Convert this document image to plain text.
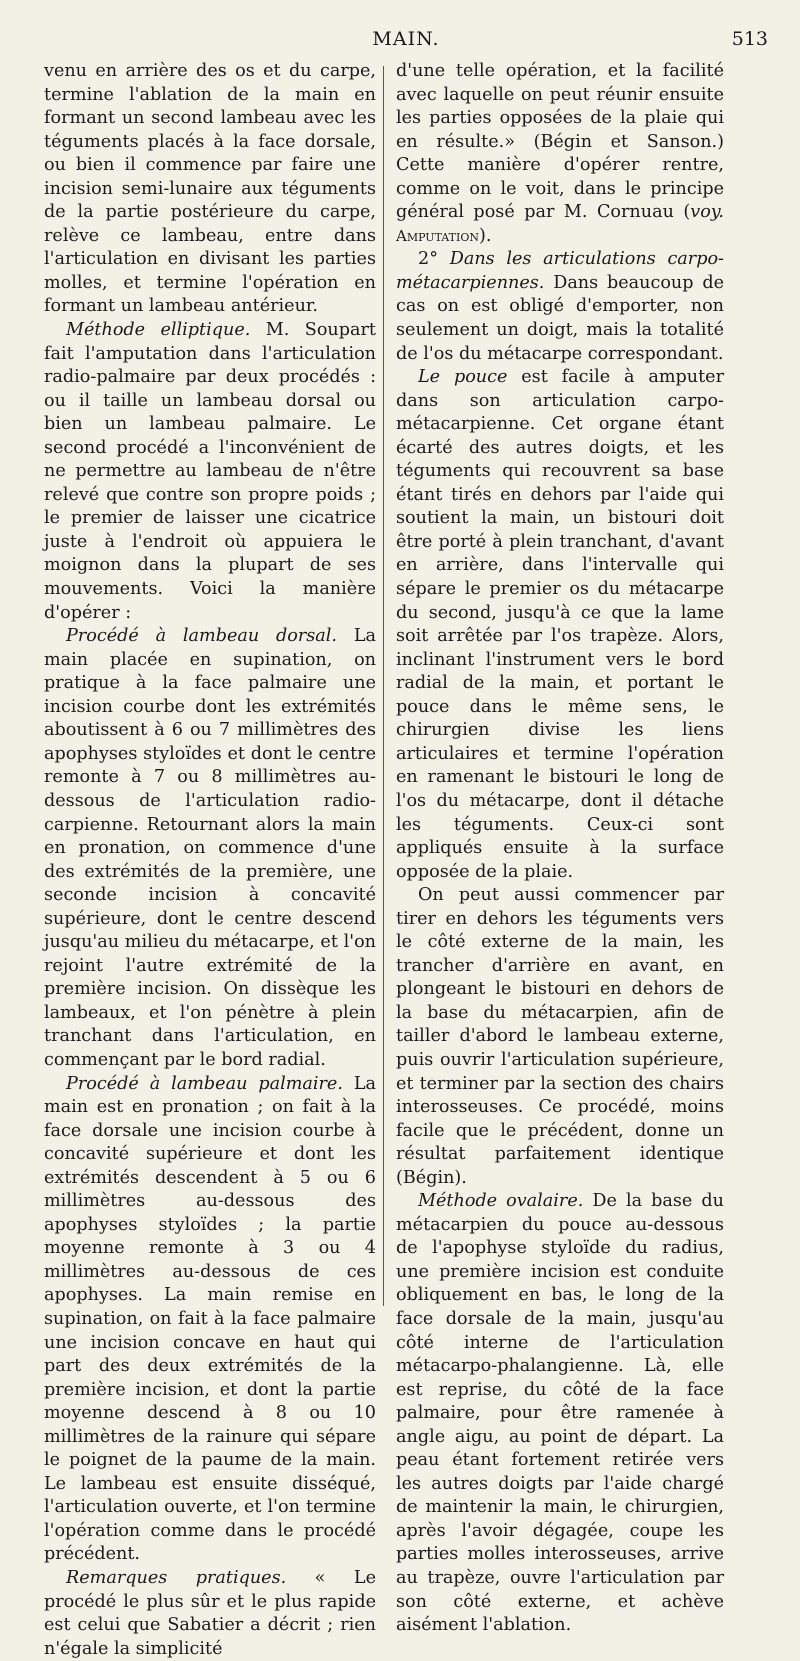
MAIN.	513

venu en arrière des os et du carpe, termine l'ablation de la main en formant un second lambeau avec les téguments placés à la face dorsale, ou bien il commence par faire une incision semi-lunaire aux téguments de la partie postérieure du carpe, relève ce lambeau, entre dans l'articulation en divisant les parties molles, et termine l'opération en formant un lambeau antérieur.

Méthode elliptique. M. Soupart fait l'amputation dans l'articulation radio-palmaire par deux procédés : ou il taille un lambeau dorsal ou bien un lambeau palmaire. Le second procédé a l'inconvénient de ne permettre au lambeau de n'être relevé que contre son propre poids ; le premier de laisser une cicatrice juste à l'endroit où appuiera le moignon dans la plupart de ses mouvements. Voici la manière d'opérer :

Procédé à lambeau dorsal. La main placée en supination, on pratique à la face palmaire une incision courbe dont les extrémités aboutissent à 6 ou 7 millimètres des apophyses styloïdes et dont le centre remonte à 7 ou 8 millimètres au-dessous de l'articulation radio-carpienne. Retournant alors la main en pronation, on commence d'une des extrémités de la première, une seconde incision à concavité supérieure, dont le centre descend jusqu'au milieu du métacarpe, et l'on rejoint l'autre extrémité de la première incision. On dissèque les lambeaux, et l'on pénètre à plein tranchant dans l'articulation, en commençant par le bord radial.

Procédé à lambeau palmaire. La main est en pronation ; on fait à la face dorsale une incision courbe à concavité supérieure et dont les extrémités descendent à 5 ou 6 millimètres au-dessous des apophyses styloïdes ; la partie moyenne remonte à 3 ou 4 millimètres au-dessous de ces apophyses. La main remise en supination, on fait à la face palmaire une incision concave en haut qui part des deux extrémités de la première incision, et dont la partie moyenne descend à 8 ou 10 millimètres de la rainure qui sépare le poignet de la paume de la main. Le lambeau est ensuite disséqué, l'articulation ouverte, et l'on termine l'opération comme dans le procédé précédent.

Remarques pratiques. « Le procédé le plus sûr et le plus rapide est celui que Sabatier a décrit ; rien n'égale la simplicité

d'une telle opération, et la facilité avec laquelle on peut réunir ensuite les parties opposées de la plaie qui en résulte.» (Bégin et Sanson.) Cette manière d'opérer rentre, comme on le voit, dans le principe général posé par M. Cornuau (voy. Amputation).

2° Dans les articulations carpo-métacarpiennes. Dans beaucoup de cas on est obligé d'emporter, non seulement un doigt, mais la totalité de l'os du métacarpe correspondant.

Le pouce est facile à amputer dans son articulation carpo-métacarpienne. Cet organe étant écarté des autres doigts, et les téguments qui recouvrent sa base étant tirés en dehors par l'aide qui soutient la main, un bistouri doit être porté à plein tranchant, d'avant en arrière, dans l'intervalle qui sépare le premier os du métacarpe du second, jusqu'à ce que la lame soit arrêtée par l'os trapèze. Alors, inclinant l'instrument vers le bord radial de la main, et portant le pouce dans le même sens, le chirurgien divise les liens articulaires et termine l'opération en ramenant le bistouri le long de l'os du métacarpe, dont il détache les téguments. Ceux-ci sont appliqués ensuite à la surface opposée de la plaie.

On peut aussi commencer par tirer en dehors les téguments vers le côté externe de la main, les trancher d'arrière en avant, en plongeant le bistouri en dehors de la base du métacarpien, afin de tailler d'abord le lambeau externe, puis ouvrir l'articulation supérieure, et terminer par la section des chairs interosseuses. Ce procédé, moins facile que le précédent, donne un résultat parfaitement identique (Bégin).

Méthode ovalaire. De la base du métacarpien du pouce au-dessous de l'apophyse styloïde du radius, une première incision est conduite obliquement en bas, le long de la face dorsale de la main, jusqu'au côté interne de l'articulation métacarpo-phalangienne. Là, elle est reprise, du côté de la face palmaire, pour être ramenée à angle aigu, au point de départ. La peau étant fortement retirée vers les autres doigts par l'aide chargé de maintenir la main, le chirurgien, après l'avoir dégagée, coupe les parties molles interosseuses, arrive au trapèze, ouvre l'articulation par son côté externe, et achève aisément l'ablation.
